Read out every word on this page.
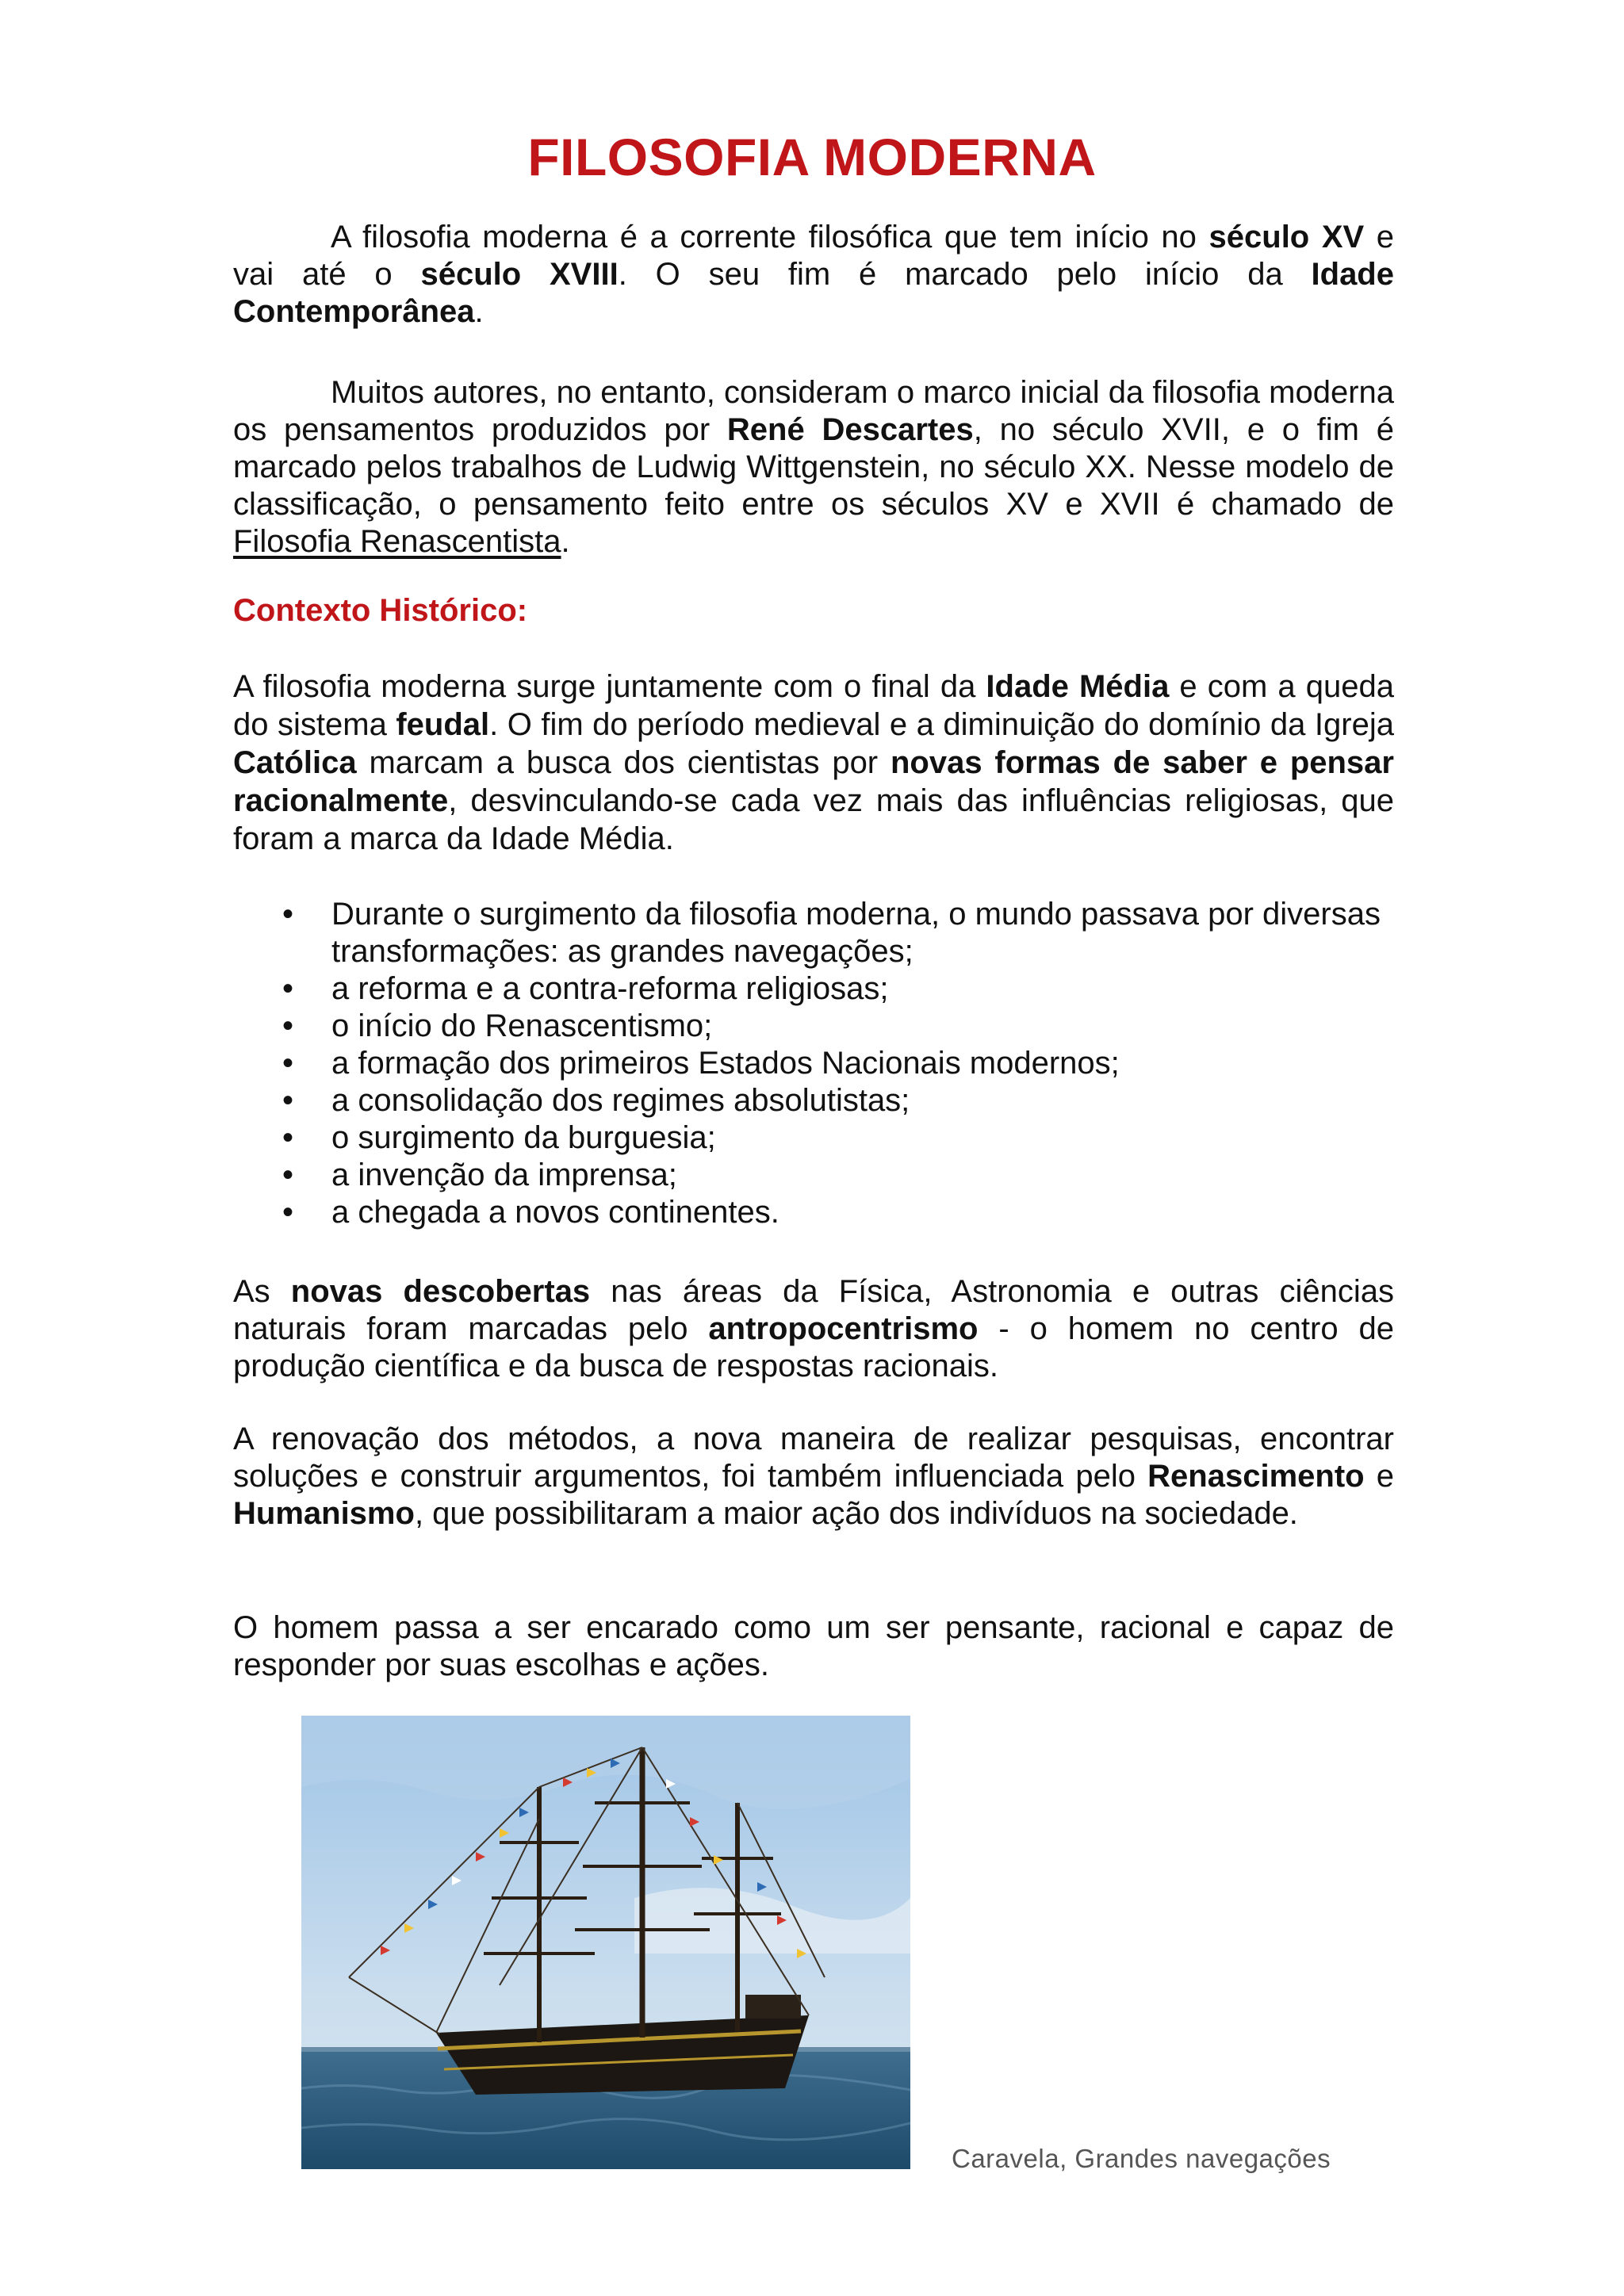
FILOSOFIA MODERNA

A filosofia moderna é a corrente filosófica que tem início no século XV e vai até o século XVIII. O seu fim é marcado pelo início da Idade Contemporânea.

Muitos autores, no entanto, consideram o marco inicial da filosofia moderna os pensamentos produzidos por René Descartes, no século XVII, e o fim é marcado pelos trabalhos de Ludwig Wittgenstein, no século XX. Nesse modelo de classificação, o pensamento feito entre os séculos XV e XVII é chamado de Filosofia Renascentista.

Contexto Histórico:

A filosofia moderna surge juntamente com o final da Idade Média e com a queda do sistema feudal. O fim do período medieval e a diminuição do domínio da Igreja Católica marcam a busca dos cientistas por novas formas de saber e pensar racionalmente, desvinculando-se cada vez mais das influências religiosas, que foram a marca da Idade Média.

• Durante o surgimento da filosofia moderna, o mundo passava por diversas transformações: as grandes navegações;
• a reforma e a contra-reforma religiosas;
• o início do Renascentismo;
• a formação dos primeiros Estados Nacionais modernos;
• a consolidação dos regimes absolutistas;
• o surgimento da burguesia;
• a invenção da imprensa;
• a chegada a novos continentes.

As novas descobertas nas áreas da Física, Astronomia e outras ciências naturais foram marcadas pelo antropocentrismo - o homem no centro de produção científica e da busca de respostas racionais.

A renovação dos métodos, a nova maneira de realizar pesquisas, encontrar soluções e construir argumentos, foi também influenciada pelo Renascimento e Humanismo, que possibilitaram a maior ação dos indivíduos na sociedade.

O homem passa a ser encarado como um ser pensante, racional e capaz de responder por suas escolhas e ações.

Caravela, Grandes navegações
